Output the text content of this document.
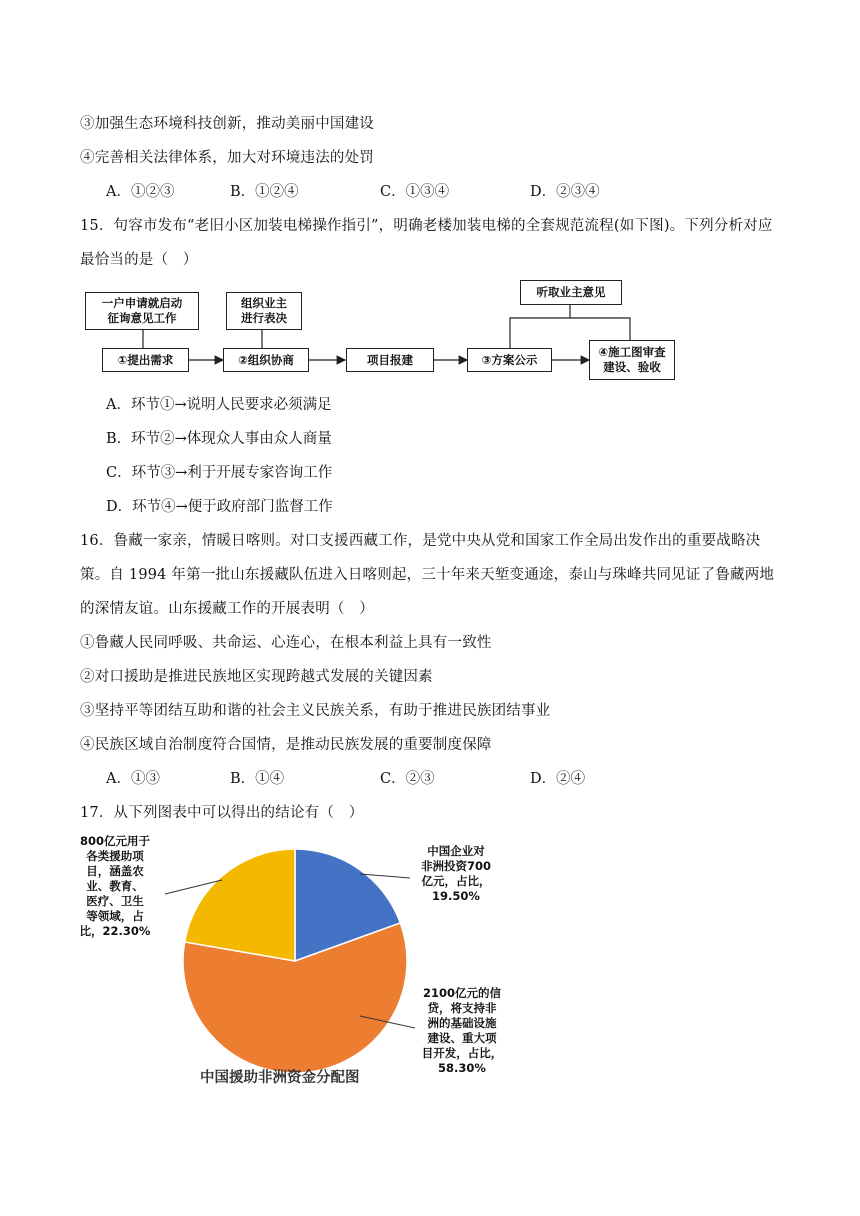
③加强生态环境科技创新，推动美丽中国建设
④完善相关法律体系，加大对环境违法的处罚
A．①②③	B．①②④	C．①③④	D．②③④
15．句容市发布“老旧小区加装电梯操作指引”，明确老楼加装电梯的全套规范流程(如下图)。下列分析对应
最恰当的是（　）
一户申请就启动
征询意见工作
组织业主
进行表决
听取业主意见
①提出需求	②组织协商	项目报建	③方案公示
④施工图审查
建设、验收
A．环节①→说明人民要求必须满足
B．环节②→体现众人事由众人商量
C．环节③→利于开展专家咨询工作
D．环节④→便于政府部门监督工作
16．鲁藏一家亲，情暖日喀则。对口支援西藏工作，是党中央从党和国家工作全局出发作出的重要战略决
策。自 1994 年第一批山东援藏队伍进入日喀则起，三十年来天堑变通途，泰山与珠峰共同见证了鲁藏两地
的深情友谊。山东援藏工作的开展表明（　）
①鲁藏人民同呼吸、共命运、心连心，在根本利益上具有一致性
②对口援助是推进民族地区实现跨越式发展的关键因素
③坚持平等团结互助和谐的社会主义民族关系，有助于推进民族团结事业
④民族区域自治制度符合国情，是推动民族发展的重要制度保障
A．①③	B．①④	C．②③	D．②④
17．从下列图表中可以得出的结论有（　）
800亿元用于
各类援助项
目，涵盖农
业、教育、
医疗、卫生
等领域，占
比，22.30%
中国企业对
非洲投资700
亿元，占比，
19.50%
2100亿元的信
贷，将支持非
洲的基础设施
建设、重大项
目开发，占比，
58.30%
中国援助非洲资金分配图
